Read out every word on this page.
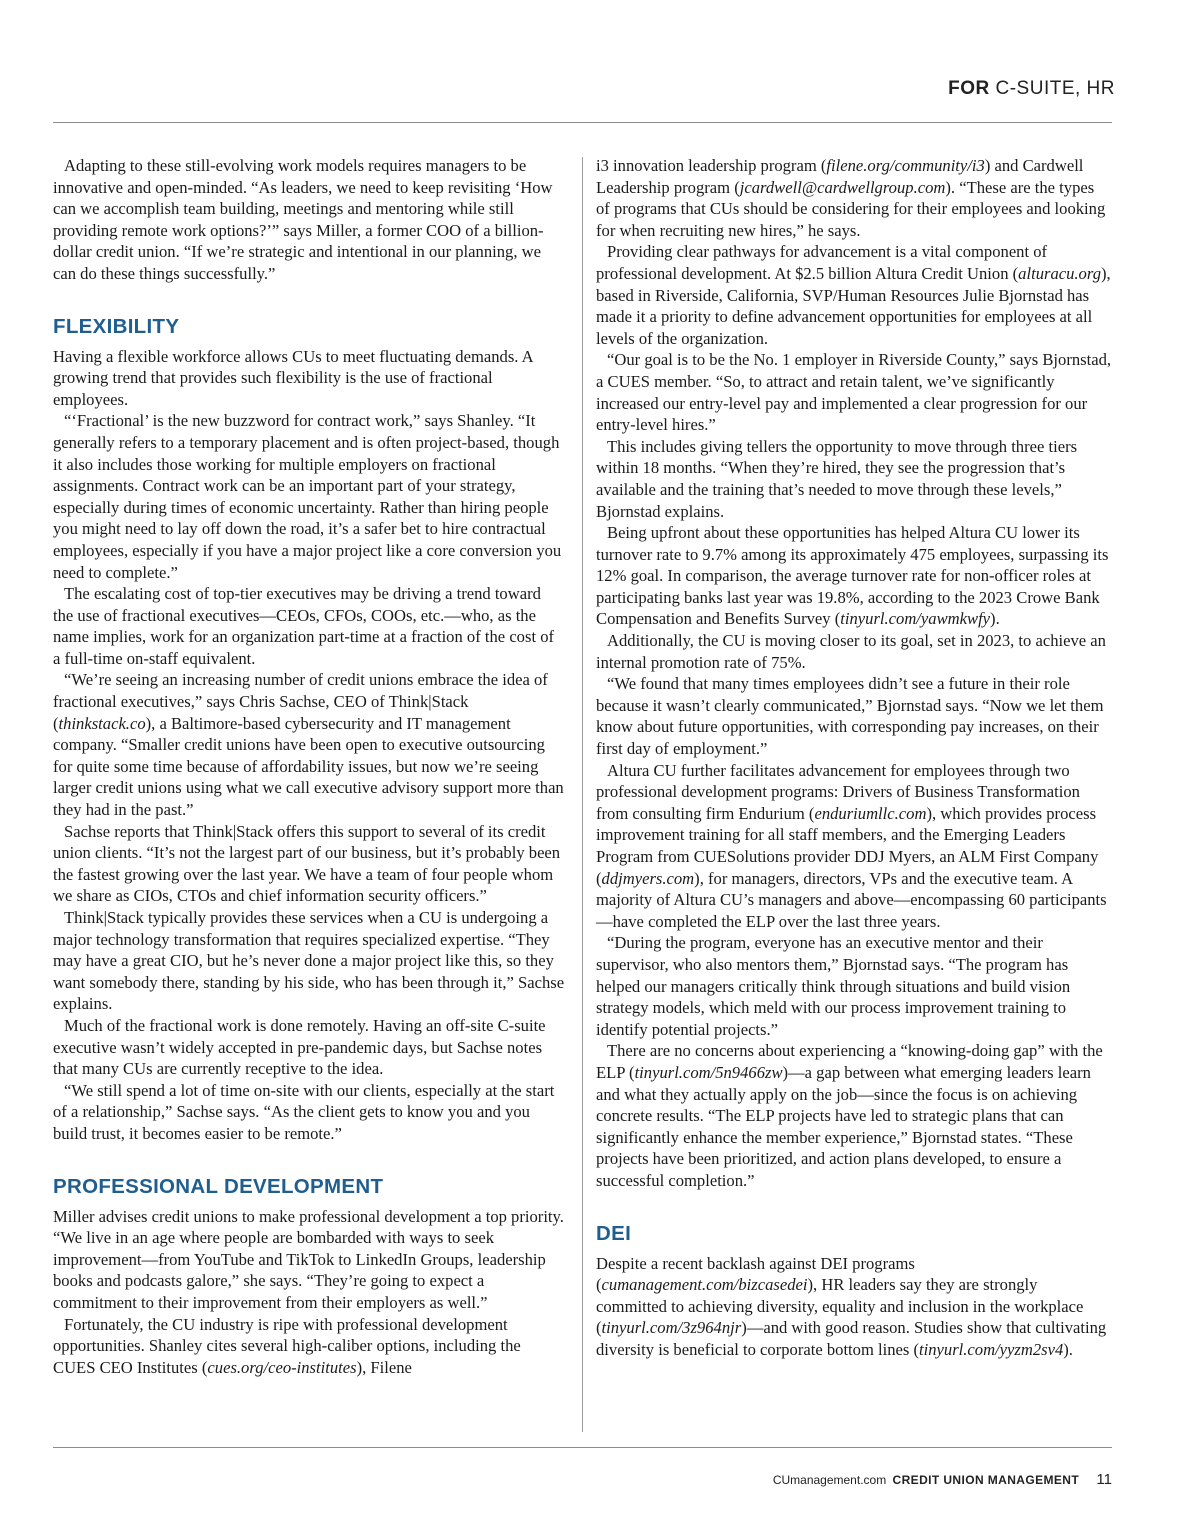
FOR C-SUITE, HR

Adapting to these still-evolving work models requires managers to be innovative and open-minded. “As leaders, we need to keep revisiting ‘How can we accomplish team building, meetings and mentoring while still providing remote work options?’” says Miller, a former COO of a billion-dollar credit union. “If we’re strategic and intentional in our planning, we can do these things successfully.”

FLEXIBILITY

Having a flexible workforce allows CUs to meet fluctuating demands. A growing trend that provides such flexibility is the use of fractional employees.

“‘Fractional’ is the new buzzword for contract work,” says Shanley. “It generally refers to a temporary placement and is often project-based, though it also includes those working for multiple employers on fractional assignments. Contract work can be an important part of your strategy, especially during times of economic uncertainty. Rather than hiring people you might need to lay off down the road, it’s a safer bet to hire contractual employees, especially if you have a major project like a core conversion you need to complete.”

The escalating cost of top-tier executives may be driving a trend toward the use of fractional executives—CEOs, CFOs, COOs, etc.—who, as the name implies, work for an organization part-time at a fraction of the cost of a full-time on-staff equivalent.

“We’re seeing an increasing number of credit unions embrace the idea of fractional executives,” says Chris Sachse, CEO of Think|Stack (thinkstack.co), a Baltimore-based cybersecurity and IT management company. “Smaller credit unions have been open to executive outsourcing for quite some time because of affordability issues, but now we’re seeing larger credit unions using what we call executive advisory support more than they had in the past.”

Sachse reports that Think|Stack offers this support to several of its credit union clients. “It’s not the largest part of our business, but it’s probably been the fastest growing over the last year. We have a team of four people whom we share as CIOs, CTOs and chief information security officers.”

Think|Stack typically provides these services when a CU is undergoing a major technology transformation that requires specialized expertise. “They may have a great CIO, but he’s never done a major project like this, so they want somebody there, standing by his side, who has been through it,” Sachse explains.

Much of the fractional work is done remotely. Having an off-site C-suite executive wasn’t widely accepted in pre-pandemic days, but Sachse notes that many CUs are currently receptive to the idea.

“We still spend a lot of time on-site with our clients, especially at the start of a relationship,” Sachse says. “As the client gets to know you and you build trust, it becomes easier to be remote.”

PROFESSIONAL DEVELOPMENT

Miller advises credit unions to make professional development a top priority. “We live in an age where people are bombarded with ways to seek improvement—from YouTube and TikTok to LinkedIn Groups, leadership books and podcasts galore,” she says. “They’re going to expect a commitment to their improvement from their employers as well.”

Fortunately, the CU industry is ripe with professional development opportunities. Shanley cites several high-caliber options, including the CUES CEO Institutes (cues.org/ceo-institutes), Filene

i3 innovation leadership program (filene.org/community/i3) and Cardwell Leadership program (jcardwell@cardwellgroup.com). “These are the types of programs that CUs should be considering for their employees and looking for when recruiting new hires,” he says.

Providing clear pathways for advancement is a vital component of professional development. At $2.5 billion Altura Credit Union (alturacu.org), based in Riverside, California, SVP/Human Resources Julie Bjornstad has made it a priority to define advancement opportunities for employees at all levels of the organization.

“Our goal is to be the No. 1 employer in Riverside County,” says Bjornstad, a CUES member. “So, to attract and retain talent, we’ve significantly increased our entry-level pay and implemented a clear progression for our entry-level hires.”

This includes giving tellers the opportunity to move through three tiers within 18 months. “When they’re hired, they see the progression that’s available and the training that’s needed to move through these levels,” Bjornstad explains.

Being upfront about these opportunities has helped Altura CU lower its turnover rate to 9.7% among its approximately 475 employees, surpassing its 12% goal. In comparison, the average turnover rate for non-officer roles at participating banks last year was 19.8%, according to the 2023 Crowe Bank Compensation and Benefits Survey (tinyurl.com/yawmkwfy).

Additionally, the CU is moving closer to its goal, set in 2023, to achieve an internal promotion rate of 75%.

“We found that many times employees didn’t see a future in their role because it wasn’t clearly communicated,” Bjornstad says. “Now we let them know about future opportunities, with corresponding pay increases, on their first day of employment.”

Altura CU further facilitates advancement for employees through two professional development programs: Drivers of Business Transformation from consulting firm Endurium (enduriumllc.com), which provides process improvement training for all staff members, and the Emerging Leaders Program from CUESolutions provider DDJ Myers, an ALM First Company (ddjmyers.com), for managers, directors, VPs and the executive team. A majority of Altura CU’s managers and above—encompassing 60 participants—have completed the ELP over the last three years.

“During the program, everyone has an executive mentor and their supervisor, who also mentors them,” Bjornstad says. “The program has helped our managers critically think through situations and build vision strategy models, which meld with our process improvement training to identify potential projects.”

There are no concerns about experiencing a “knowing-doing gap” with the ELP (tinyurl.com/5n9466zw)—a gap between what emerging leaders learn and what they actually apply on the job—since the focus is on achieving concrete results. “The ELP projects have led to strategic plans that can significantly enhance the member experience,” Bjornstad states. “These projects have been prioritized, and action plans developed, to ensure a successful completion.”

DEI

Despite a recent backlash against DEI programs (cumanagement.com/bizcasedei), HR leaders say they are strongly committed to achieving diversity, equality and inclusion in the workplace (tinyurl.com/3z964njr)—and with good reason. Studies show that cultivating diversity is beneficial to corporate bottom lines (tinyurl.com/yyzm2sv4).

CUmanagement.com CREDIT UNION MANAGEMENT 11
